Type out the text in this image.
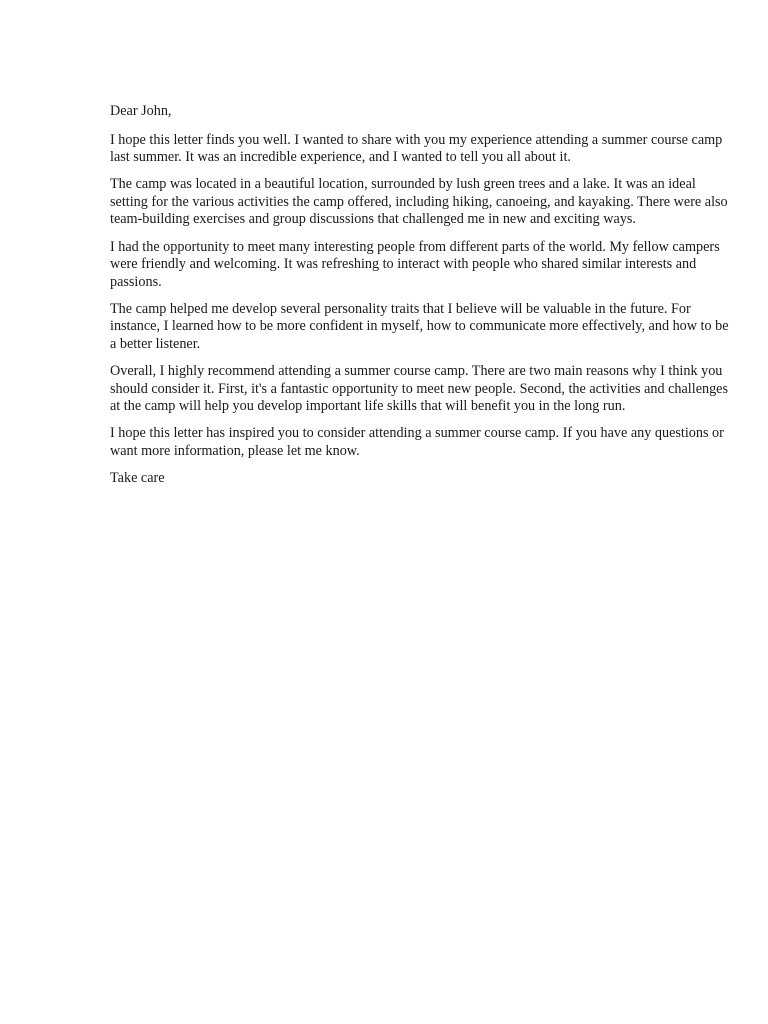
Dear John,

I hope this letter finds you well. I wanted to share with you my experience attending a summer course camp last summer. It was an incredible experience, and I wanted to tell you all about it.

The camp was located in a beautiful location, surrounded by lush green trees and a lake. It was an ideal setting for the various activities the camp offered, including hiking, canoeing, and kayaking. There were also team-building exercises and group discussions that challenged me in new and exciting ways.

I had the opportunity to meet many interesting people from different parts of the world. My fellow campers were friendly and welcoming. It was refreshing to interact with people who shared similar interests and passions.

The camp helped me develop several personality traits that I believe will be valuable in the future. For instance, I learned how to be more confident in myself, how to communicate more effectively, and how to be a better listener.

Overall, I highly recommend attending a summer course camp. There are two main reasons why I think you should consider it. First, it's a fantastic opportunity to meet new people. Second, the activities and challenges at the camp will help you develop important life skills that will benefit you in the long run.

I hope this letter has inspired you to consider attending a summer course camp. If you have any questions or want more information, please let me know.

Take care
